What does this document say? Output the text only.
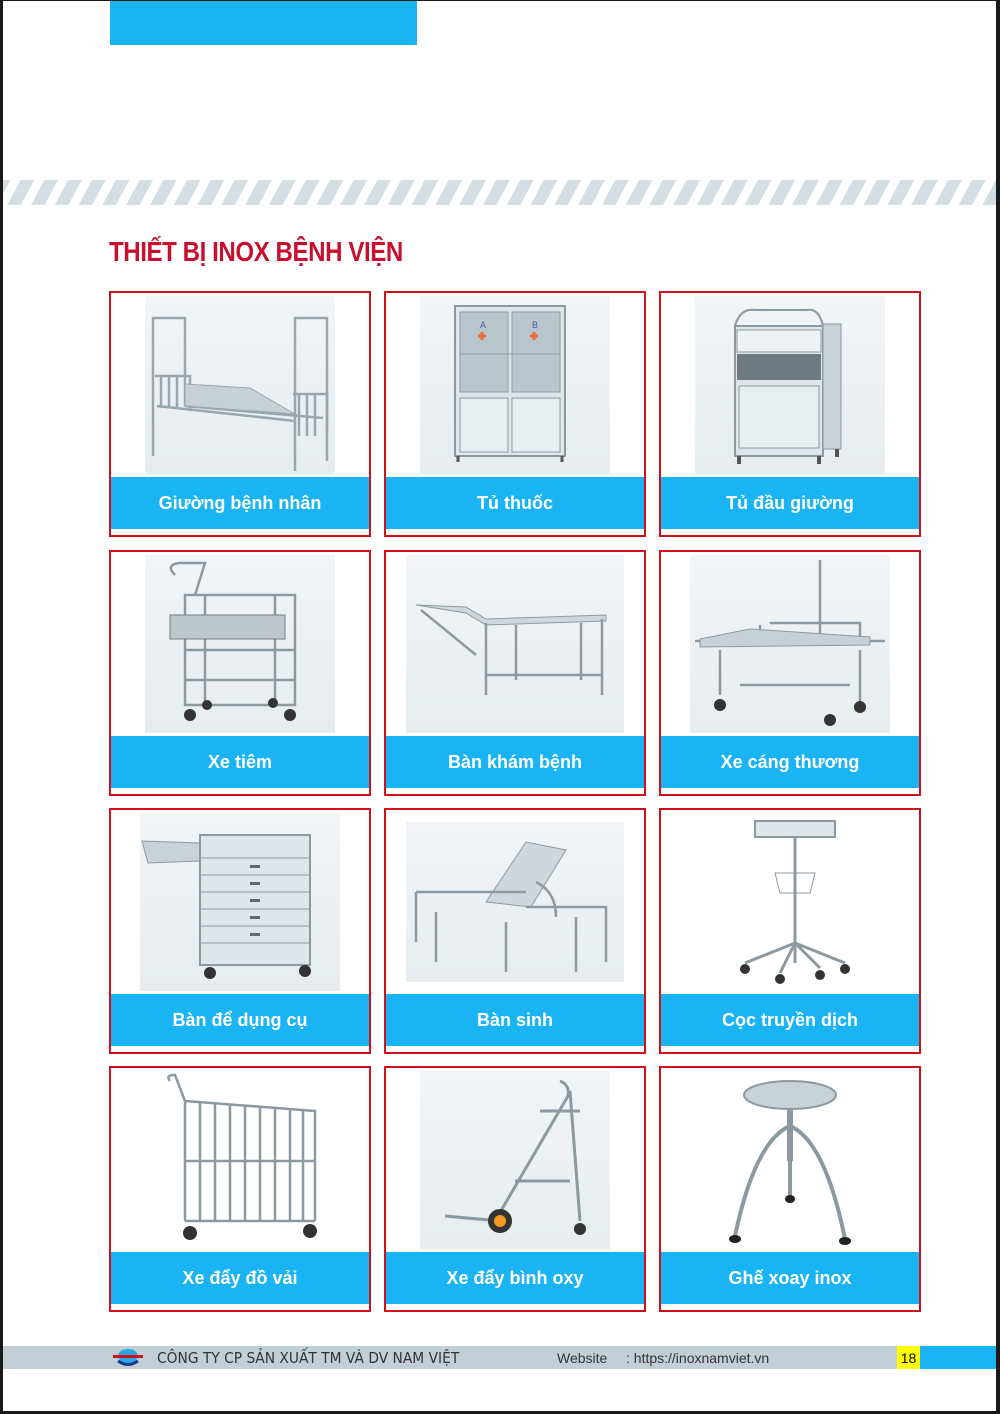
THIẾT BỊ INOX BỆNH VIỆN
Giường bệnh nhân
A	B
Tủ thuốc	Tủ đầu giường
Xe tiêm	Bàn khám bệnh	Xe cáng thương
Bàn để dụng cụ	Bàn sinh	Cọc truyền dịch
Xe đẩy đồ vải	Xe đẩy bình oxy	Ghế xoay inox
CÔNG TY CP SẢN XUẤT TM VÀ DV NAM VIỆT	Website : https://inoxnamviet.vn	18
